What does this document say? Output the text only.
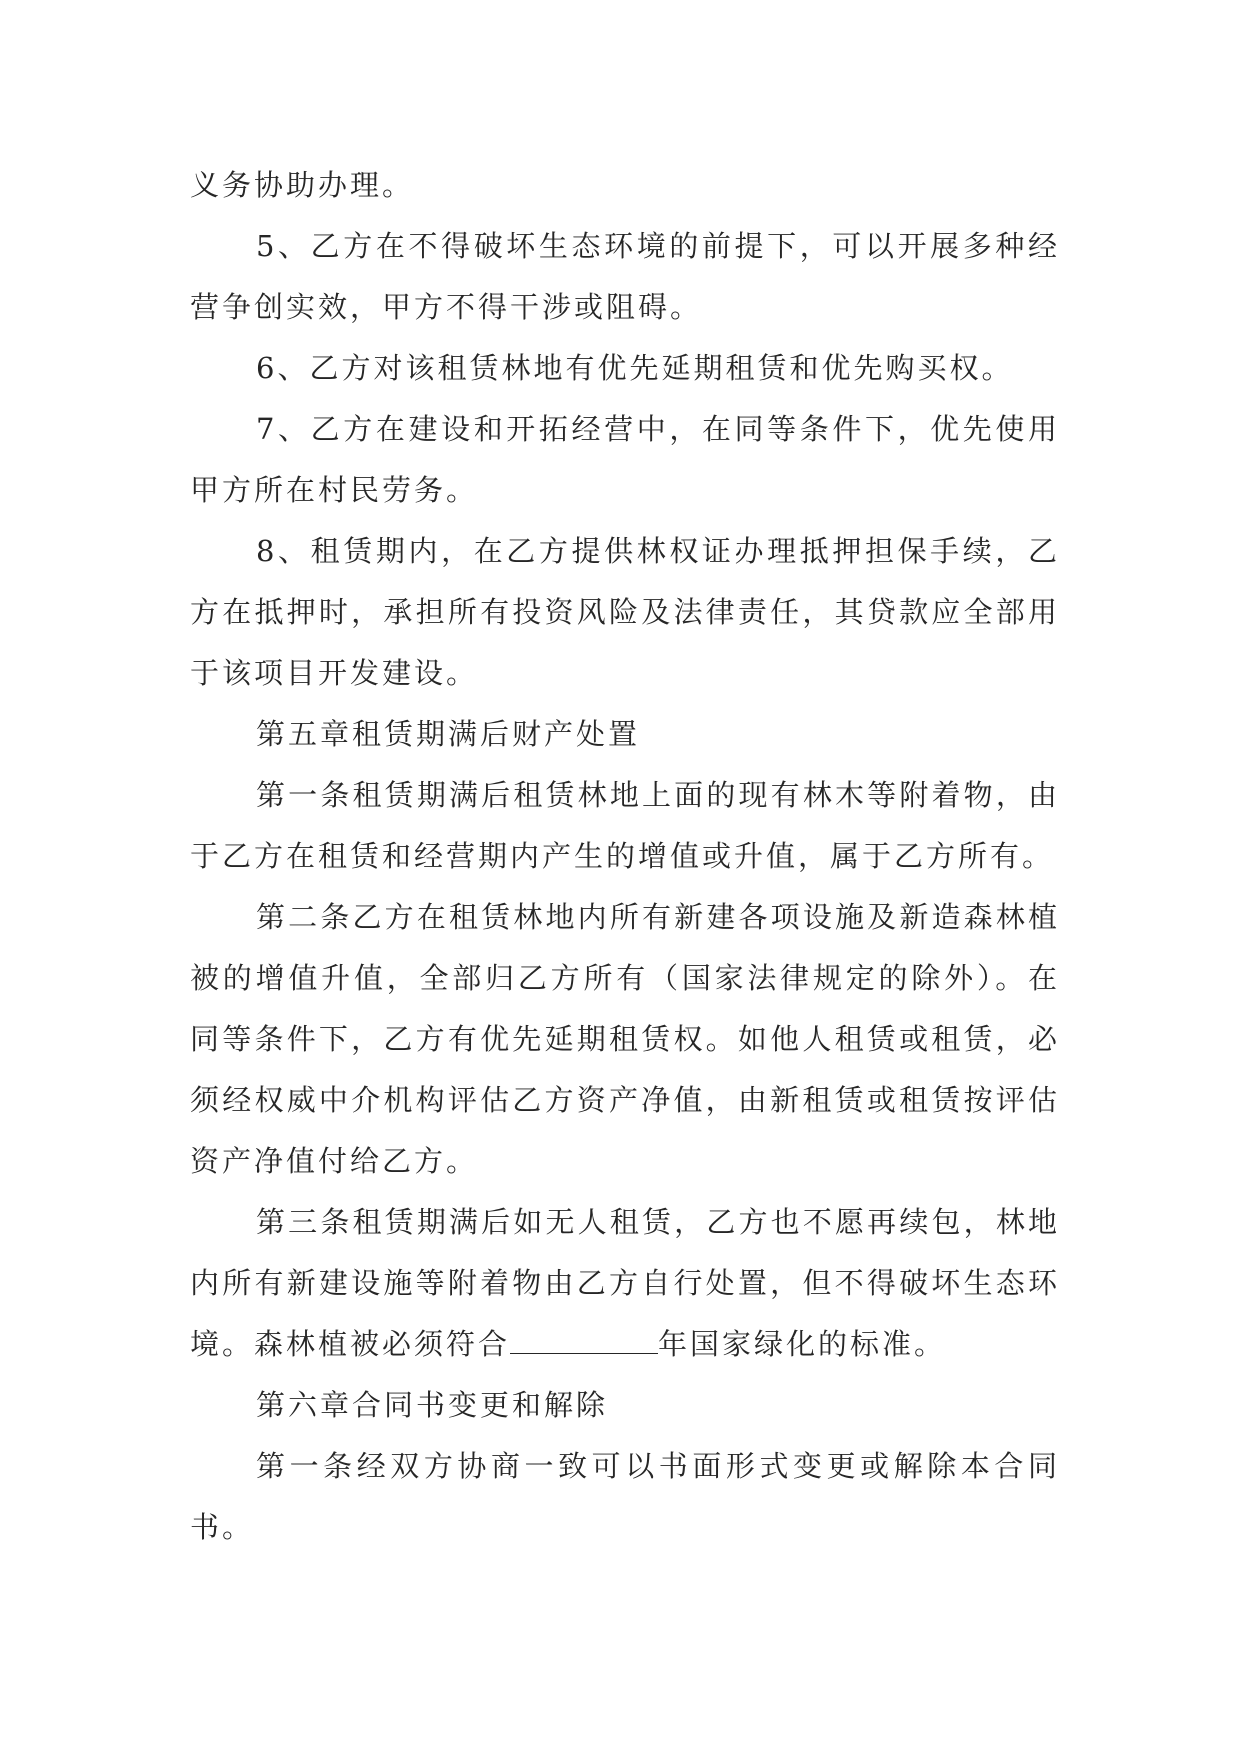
义务协助办理。

5、乙方在不得破坏生态环境的前提下，可以开展多种经营争创实效，甲方不得干涉或阻碍。

6、乙方对该租赁林地有优先延期租赁和优先购买权。

7、乙方在建设和开拓经营中，在同等条件下，优先使用甲方所在村民劳务。

8、租赁期内，在乙方提供林权证办理抵押担保手续，乙方在抵押时，承担所有投资风险及法律责任，其贷款应全部用于该项目开发建设。

第五章租赁期满后财产处置

第一条租赁期满后租赁林地上面的现有林木等附着物，由于乙方在租赁和经营期内产生的增值或升值，属于乙方所有。

第二条乙方在租赁林地内所有新建各项设施及新造森林植被的增值升值，全部归乙方所有（国家法律规定的除外）。在同等条件下，乙方有优先延期租赁权。如他人租赁或租赁，必须经权威中介机构评估乙方资产净值，由新租赁或租赁按评估资产净值付给乙方。

第三条租赁期满后如无人租赁，乙方也不愿再续包，林地内所有新建设施等附着物由乙方自行处置，但不得破坏生态环境。森林植被必须符合	年国家绿化的标准。

第六章合同书变更和解除

第一条经双方协商一致可以书面形式变更或解除本合同书。
